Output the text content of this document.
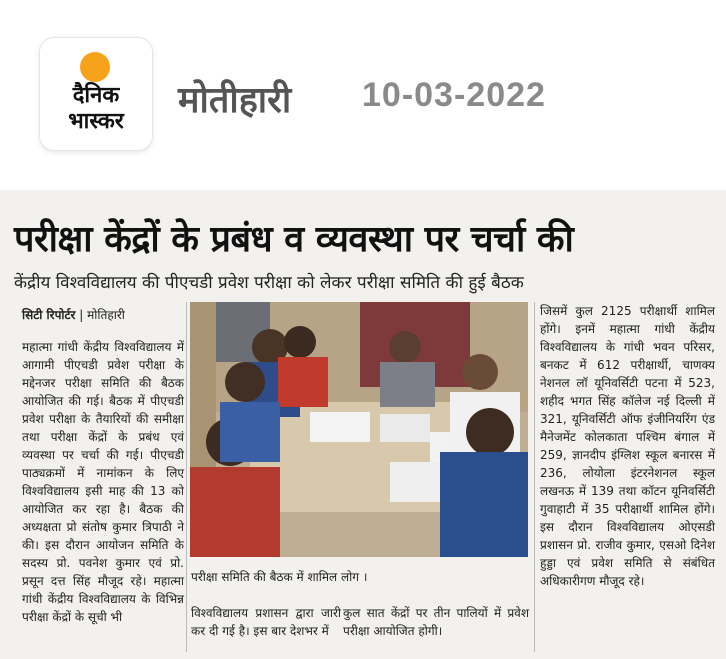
दैनिक
भास्कर
मोतीहारी 10-03-2022
परीक्षा केंद्रों के प्रबंध व व्यवस्था पर चर्चा की
केंद्रीय विश्वविद्यालय की पीएचडी प्रवेश परीक्षा को लेकर परीक्षा समिति की हुई बैठक
सिटी रिपोर्टर | मोतिहारी
महात्मा गांधी केंद्रीय विश्वविद्यालय में आगामी पीएचडी प्रवेश परीक्षा के मद्देनजर परीक्षा समिति की बैठक आयोजित की गई। बैठक में पीएचडी प्रवेश परीक्षा के तैयारियों की समीक्षा तथा परीक्षा केंद्रों के प्रबंध एवं व्यवस्था पर चर्चा की गई। पीएचडी पाठ्यक्रमों में नामांकन के लिए विश्वविद्यालय इसी माह की 13 को आयोजित कर रहा है। बैठक की अध्यक्षता प्रो संतोष कुमार त्रिपाठी ने की। इस दौरान आयोजन समिति के सदस्य प्रो. पवनेश कुमार एवं प्रो. प्रसून दत्त सिंह मौजूद रहे। महात्मा गांधी केंद्रीय विश्वविद्यालय के विभिन्न परीक्षा केंद्रों के सूची भी
परीक्षा समिति की बैठक में शामिल लोग ।
विश्वविद्यालय प्रशासन द्वारा जारी कर दी गई है। इस बार देशभर में
कुल सात केंद्रों पर तीन पालियों में प्रवेश परीक्षा आयोजित होगी।
जिसमें कुल 2125 परीक्षार्थी शामिल होंगे। इनमें महात्मा गांधी केंद्रीय विश्वविद्यालय के गांधी भवन परिसर, बनकट में 612 परीक्षार्थी, चाणक्य नेशनल लॉ यूनिवर्सिटी पटना में 523, शहीद भगत सिंह कॉलेज नई दिल्ली में 321, यूनिवर्सिटी ऑफ इंजीनियरिंग एंड मैनेजमेंट कोलकाता पश्चिम बंगाल में 259, ज्ञानदीप इंग्लिश स्कूल बनारस में 236, लोयोला इंटरनेशनल स्कूल लखनऊ में 139 तथा कॉटन यूनिवर्सिटी गुवाहाटी में 35 परीक्षार्थी शामिल होंगे। इस दौरान विश्वविद्यालय ओएसडी प्रशासन प्रो. राजीव कुमार, एसओ दिनेश हुड्डा एवं प्रवेश समिति से संबंधित अधिकारीगण मौजूद रहे।
